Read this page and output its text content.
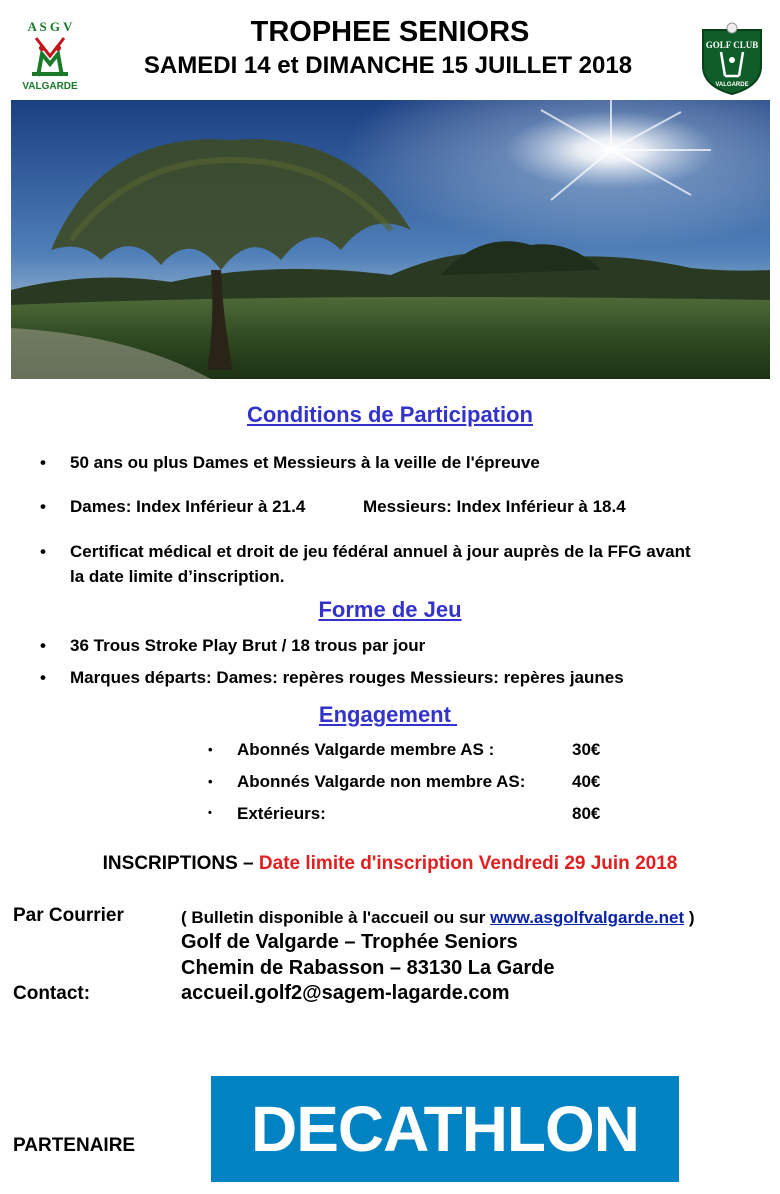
A S G V
VALGARDE
GOLF CLUB
VALGARDE
TROPHEE SENIORS
SAMEDI 14 et DIMANCHE 15 JUILLET 2018
Conditions de Participation
• 50 ans ou plus Dames et Messieurs à la veille de l'épreuve
• Dames: Index Inférieur à 21.4	Messieurs: Index Inférieur à 18.4
• Certificat médical et droit de jeu fédéral annuel à jour auprès de la FFG avant
la date limite d’inscription.
Forme de Jeu
• 36 Trous Stroke Play Brut / 18 trous par jour
• Marques départs: Dames: repères rouges Messieurs: repères jaunes
Engagement
• Abonnés Valgarde membre AS :	30€
• Abonnés Valgarde non membre AS:	40€
• Extérieurs:	80€
INSCRIPTIONS – Date limite d'inscription Vendredi 29 Juin 2018
Par Courrier	( Bulletin disponible à l'accueil ou sur www.asgolfvalgarde.net )
Golf de Valgarde – Trophée Seniors
Chemin de Rabasson – 83130 La Garde
Contact:	accueil.golf2@sagem-lagarde.com
PARTENAIRE DECATHLON
